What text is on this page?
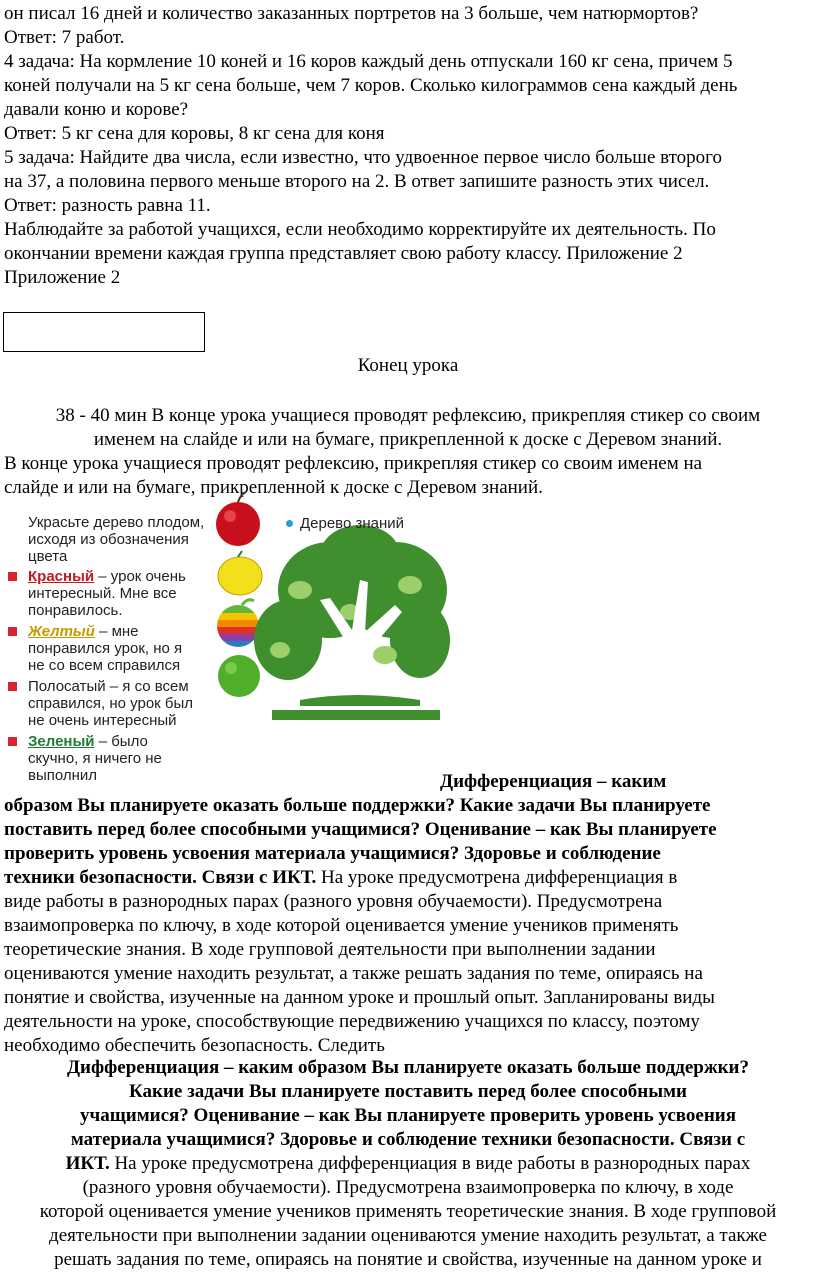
он писал 16 дней и количество заказанных портретов на 3 больше, чем натюрмортов?
Ответ: 7 работ.
4 задача: На кормление 10 коней и 16 коров каждый день отпускали 160 кг сена, причем 5
коней получали на 5 кг сена больше, чем 7 коров. Сколько килограммов сена каждый день
давали коню и корове?
Ответ: 5 кг сена для коровы, 8 кг сена для коня
5 задача: Найдите два числа, если известно, что удвоенное первое число больше второго
на 37, а половина первого меньше второго на 2. В ответ запишите разность этих чисел.
Ответ: разность равна 11.
Наблюдайте за работой учащихся, если необходимо корректируйте их деятельность. По
окончании времени каждая группа представляет свою работу классу. Приложение 2
Приложение 2
Конец урока
38 - 40 мин В конце урока учащиеся проводят рефлексию, прикрепляя стикер со своим
именем на слайде и или на бумаге, прикрепленной к доске с Деревом знаний.
В конце урока учащиеся проводят рефлексию, прикрепляя стикер со своим именем на
слайде и или на бумаге, прикрепленной к доске с Деревом знаний.
Украсьте дерево плодом,
исходя из обозначения
цвета
Красный – урок очень
интересный. Мне все
понравилось.
Желтый – мне
понравился урок, но я
не со всем справился
Полосатый – я со всем
справился, но урок был
не очень интересный
Зеленый – было
скучно, я ничего не
выполнил
Дерево знаний
Дифференциация – каким
образом Вы планируете оказать больше поддержки? Какие задачи Вы планируете
поставить перед более способными учащимися? Оценивание – как Вы планируете
проверить уровень усвоения материала учащимися? Здоровье и соблюдение
техники безопасности. Связи с ИКТ. На уроке предусмотрена дифференциация в
виде работы в разнородных парах (разного уровня обучаемости). Предусмотрена
взаимопроверка по ключу, в ходе которой оценивается умение учеников применять
теоретические знания. В ходе групповой деятельности при выполнении задании
оцениваются умение находить результат, а также решать задания по теме, опираясь на
понятие и свойства, изученные на данном уроке и прошлый опыт. Запланированы виды
деятельности на уроке, способствующие передвижению учащихся по классу, поэтому
необходимо обеспечить безопасность. Следить
Дифференциация – каким образом Вы планируете оказать больше поддержки?
Какие задачи Вы планируете поставить перед более способными
учащимися? Оценивание – как Вы планируете проверить уровень усвоения
материала учащимися? Здоровье и соблюдение техники безопасности. Связи с
ИКТ. На уроке предусмотрена дифференциация в виде работы в разнородных парах
(разного уровня обучаемости). Предусмотрена взаимопроверка по ключу, в ходе
которой оценивается умение учеников применять теоретические знания. В ходе групповой
деятельности при выполнении задании оцениваются умение находить результат, а также
решать задания по теме, опираясь на понятие и свойства, изученные на данном уроке и
